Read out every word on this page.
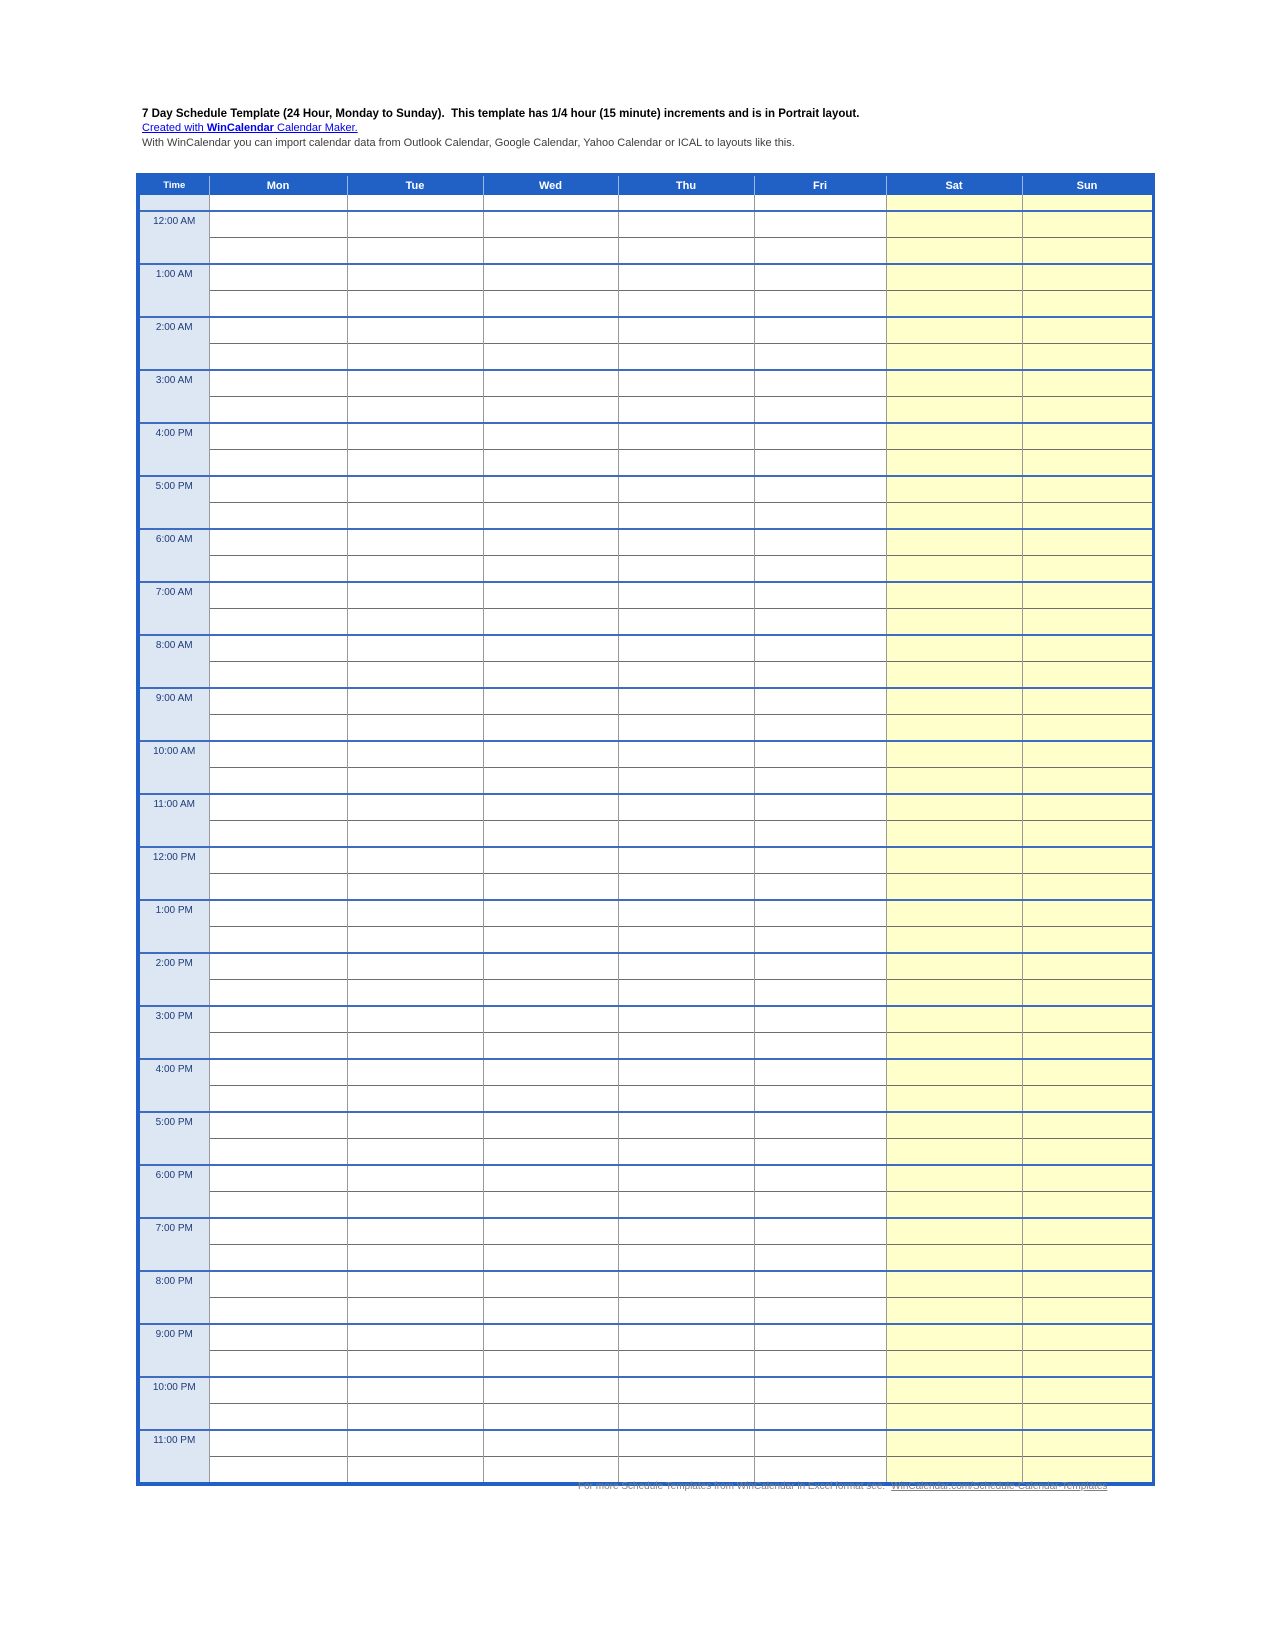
7 Day Schedule Template (24 Hour, Monday to Sunday).  This template has 1/4 hour (15 minute) increments and is in Portrait layout.
Created with WinCalendar Calendar Maker.
With WinCalendar you can import calendar data from Outlook Calendar, Google Calendar, Yahoo Calendar or ICAL to layouts like this.
Time	Mon	Tue	Wed	Thu	Fri	Sat	Sun

12:00 AM							

1:00 AM							

2:00 AM							

3:00 AM							

4:00 PM							

5:00 PM							

6:00 AM							

7:00 AM							

8:00 AM							

9:00 AM							

10:00 AM							

11:00 AM							

12:00 PM							

1:00 PM							

2:00 PM							

3:00 PM							

4:00 PM							

5:00 PM							

6:00 PM							

7:00 PM							

8:00 PM							

9:00 PM							

10:00 PM							

11:00 PM							

For more Schedule Templates from WinCalendar in Excel format see: WinCalendar.com/Schedule-Calendar-Templates
